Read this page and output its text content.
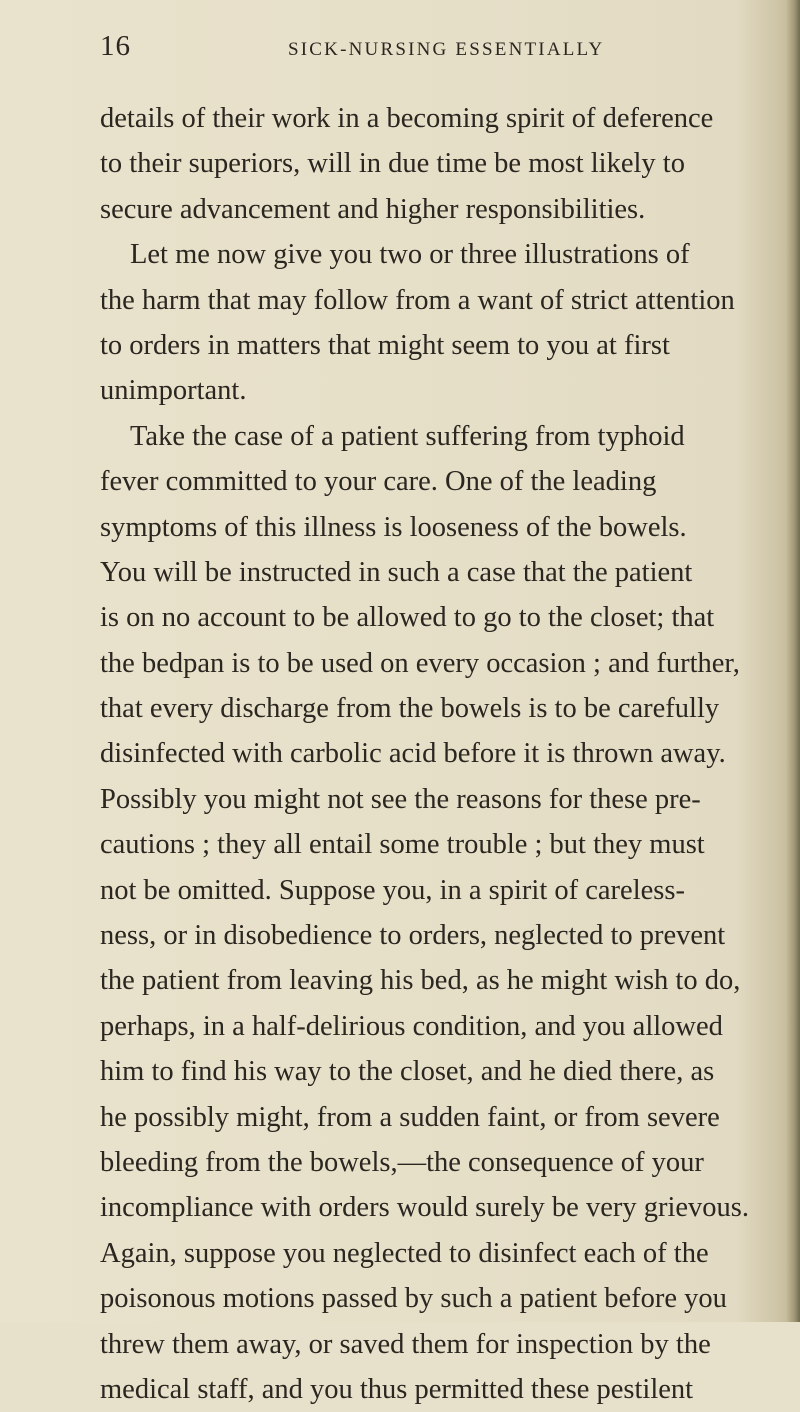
16	SICK-NURSING ESSENTIALLY
details of their work in a becoming spirit of deference
to their superiors, will in due time be most likely to
secure advancement and higher responsibilities.
Let me now give you two or three illustrations of
the harm that may follow from a want of strict attention
to orders in matters that might seem to you at first
unimportant.
Take the case of a patient suffering from typhoid
fever committed to your care. One of the leading
symptoms of this illness is looseness of the bowels.
You will be instructed in such a case that the patient
is on no account to be allowed to go to the closet; that
the bedpan is to be used on every occasion ; and further,
that every discharge from the bowels is to be carefully
disinfected with carbolic acid before it is thrown away.
Possibly you might not see the reasons for these pre-
cautions ; they all entail some trouble ; but they must
not be omitted. Suppose you, in a spirit of careless-
ness, or in disobedience to orders, neglected to prevent
the patient from leaving his bed, as he might wish to do,
perhaps, in a half-delirious condition, and you allowed
him to find his way to the closet, and he died there, as
he possibly might, from a sudden faint, or from severe
bleeding from the bowels,—the consequence of your
incompliance with orders would surely be very grievous.
Again, suppose you neglected to disinfect each of the
poisonous motions passed by such a patient before you
threw them away, or saved them for inspection by the
medical staff, and you thus permitted these pestilent
